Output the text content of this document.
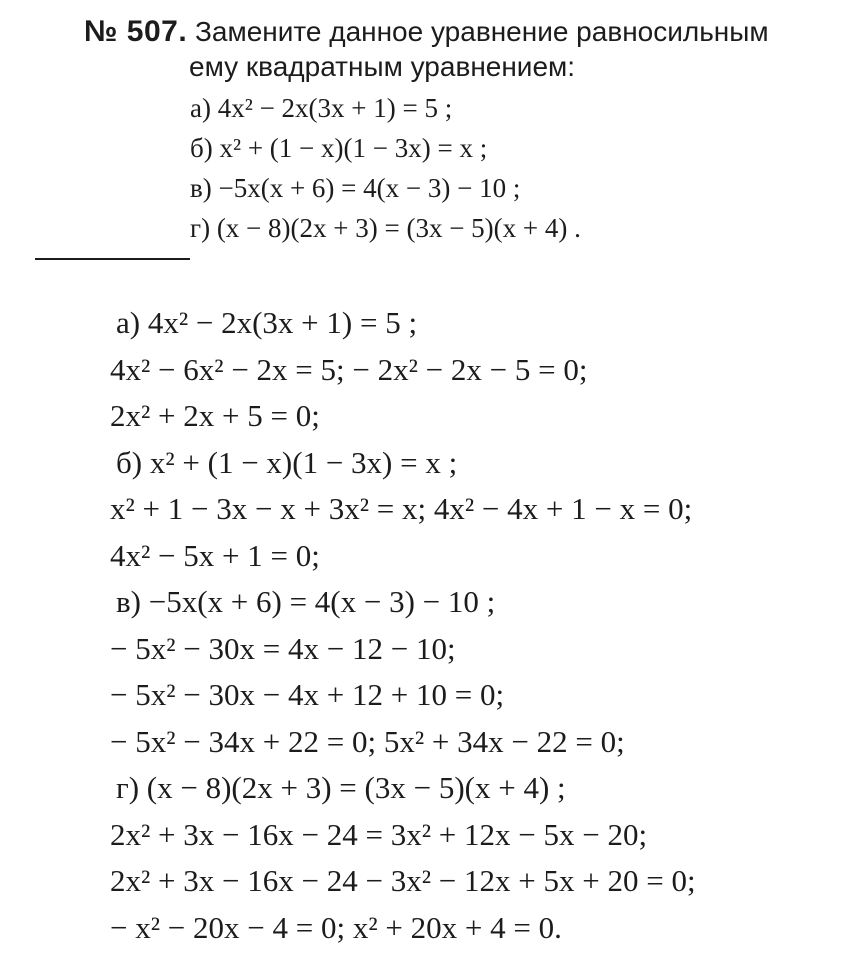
№ 507. Замените данное уравнение равносильным
ему квадратным уравнением:
а) 4x² − 2x(3x + 1) = 5 ;
б) x² + (1 − x)(1 − 3x) = x ;
в) −5x(x + 6) = 4(x − 3) − 10 ;
г) (x − 8)(2x + 3) = (3x − 5)(x + 4) .
а) 4x² − 2x(3x + 1) = 5 ;
4x² − 6x² − 2x = 5; − 2x² − 2x − 5 = 0;
2x² + 2x + 5 = 0;
б) x² + (1 − x)(1 − 3x) = x ;
x² + 1 − 3x − x + 3x² = x; 4x² − 4x + 1 − x = 0;
4x² − 5x + 1 = 0;
в) −5x(x + 6) = 4(x − 3) − 10 ;
− 5x² − 30x = 4x − 12 − 10;
− 5x² − 30x − 4x + 12 + 10 = 0;
− 5x² − 34x + 22 = 0; 5x² + 34x − 22 = 0;
г) (x − 8)(2x + 3) = (3x − 5)(x + 4) ;
2x² + 3x − 16x − 24 = 3x² + 12x − 5x − 20;
2x² + 3x − 16x − 24 − 3x² − 12x + 5x + 20 = 0;
− x² − 20x − 4 = 0; x² + 20x + 4 = 0.
